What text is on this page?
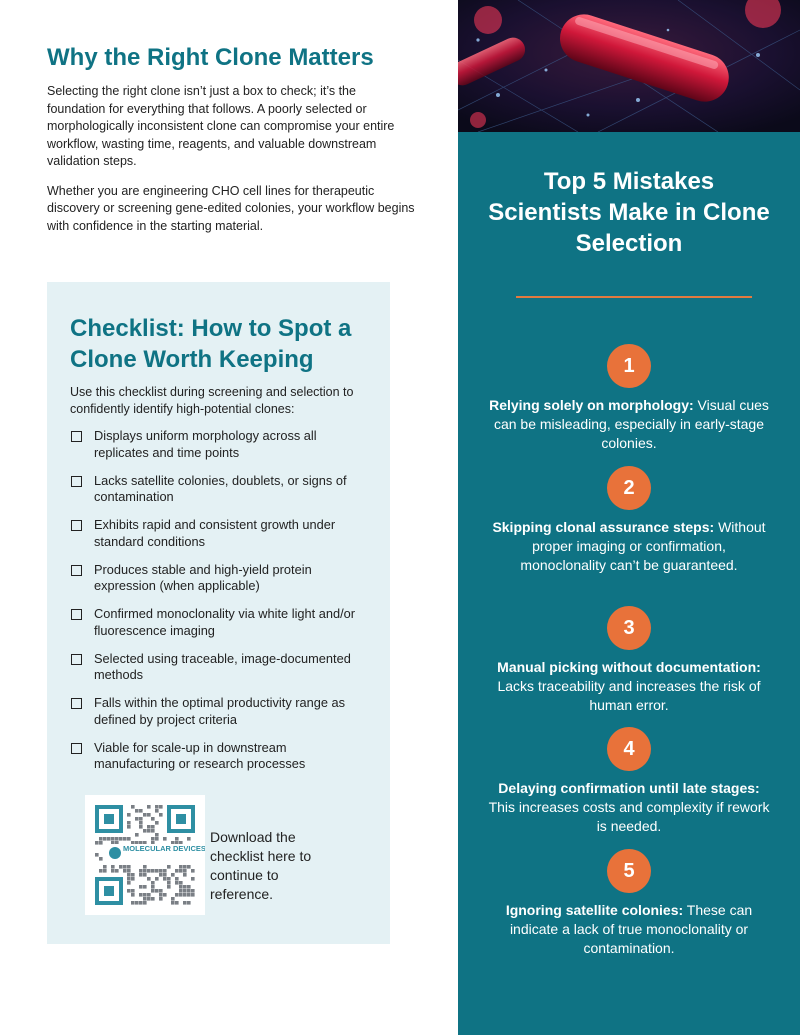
Why the Right Clone Matters

Selecting the right clone isn’t just a box to check; it’s the foundation for everything that follows. A poorly selected or morphologically inconsistent clone can compromise your entire workflow, wasting time, reagents, and valuable downstream validation steps.

Whether you are engineering CHO cell lines for therapeutic discovery or screening gene-edited colonies, your workflow begins with confidence in the starting material.

Checklist: How to Spot a Clone Worth Keeping

Use this checklist during screening and selection to confidently identify high-potential clones:

Displays uniform morphology across all replicates and time points
Lacks satellite colonies, doublets, or signs of contamination
Exhibits rapid and consistent growth under standard conditions
Produces stable and high-yield protein expression (when applicable)
Confirmed monoclonality via white light and/or fluorescence imaging
Selected using traceable, image-documented methods
Falls within the optimal productivity range as defined by project criteria
Viable for scale-up in downstream manufacturing or research processes
MOLECULAR DEVICES

Download the checklist here to continue to reference.

Top 5 Mistakes Scientists Make in Clone Selection
1
Relying solely on morphology: Visual cues can be misleading, especially in early-stage colonies.
2
Skipping clonal assurance steps: Without proper imaging or confirmation, monoclonality can’t be guaranteed.
3
Manual picking without documentation: Lacks traceability and increases the risk of human error.
4
Delaying confirmation until late stages: This increases costs and complexity if rework is needed.
5
Ignoring satellite colonies: These can indicate a lack of true monoclonality or contamination.
